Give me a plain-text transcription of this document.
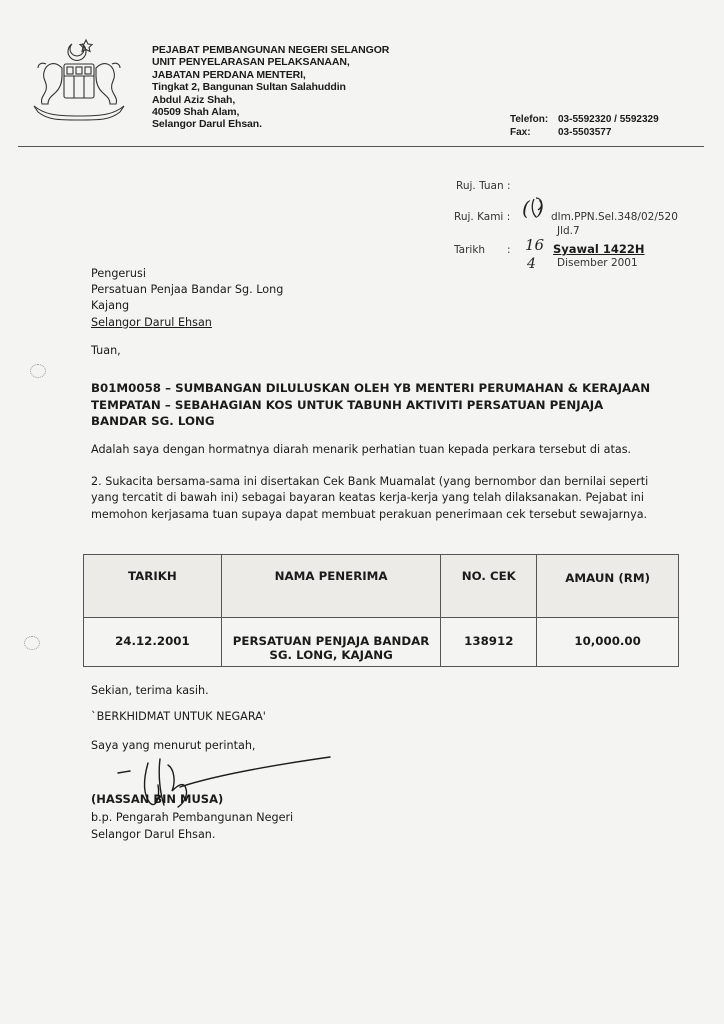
PEJABAT PEMBANGUNAN NEGERI SELANGOR
UNIT PENYELARASAN PELAKSANAAN,
JABATAN PERDANA MENTERI,
Tingkat 2, Bangunan Sultan Salahuddin
Abdul Aziz Shah,
40509 Shah Alam,
Selangor Darul Ehsan.	Telefon: 03-5592320 / 5592329
Fax:	03-5503577
Ruj. Tuan :
Ruj. Kami : ( ) dlm.PPN.Sel.348/02/520
Jld.7
Tarikh : 16 Syawal 1422H
4 Disember 2001
Pengerusi
Persatuan Penjaa Bandar Sg. Long
Kajang
Selangor Darul Ehsan
Tuan,
B01M0058 – SUMBANGAN DILULUSKAN OLEH YB MENTERI PERUMAHAN & KERAJAAN TEMPATAN – SEBAHAGIAN KOS UNTUK TABUNH AKTIVITI PERSATUAN PENJAJA BANDAR SG. LONG
Adalah saya dengan hormatnya diarah menarik perhatian tuan kepada perkara tersebut di atas.
2. Sukacita bersama-sama ini disertakan Cek Bank Muamalat (yang bernombor dan bernilai seperti yang tercatit di bawah ini) sebagai bayaran keatas kerja-kerja yang telah dilaksanakan. Pejabat ini memohon kerjasama tuan supaya dapat membuat perakuan penerimaan cek tersebut sewajarnya.
TARIKH	NAMA PENERIMA	NO. CEK	AMAUN (RM)
24.12.2001	PERSATUAN PENJAJA BANDAR SG. LONG, KAJANG	138912	10,000.00
Sekian, terima kasih.
`BERKHIDMAT UNTUK NEGARA'
Saya yang menurut perintah,
(HASSAN BIN MUSA)
b.p. Pengarah Pembangunan Negeri
Selangor Darul Ehsan.
